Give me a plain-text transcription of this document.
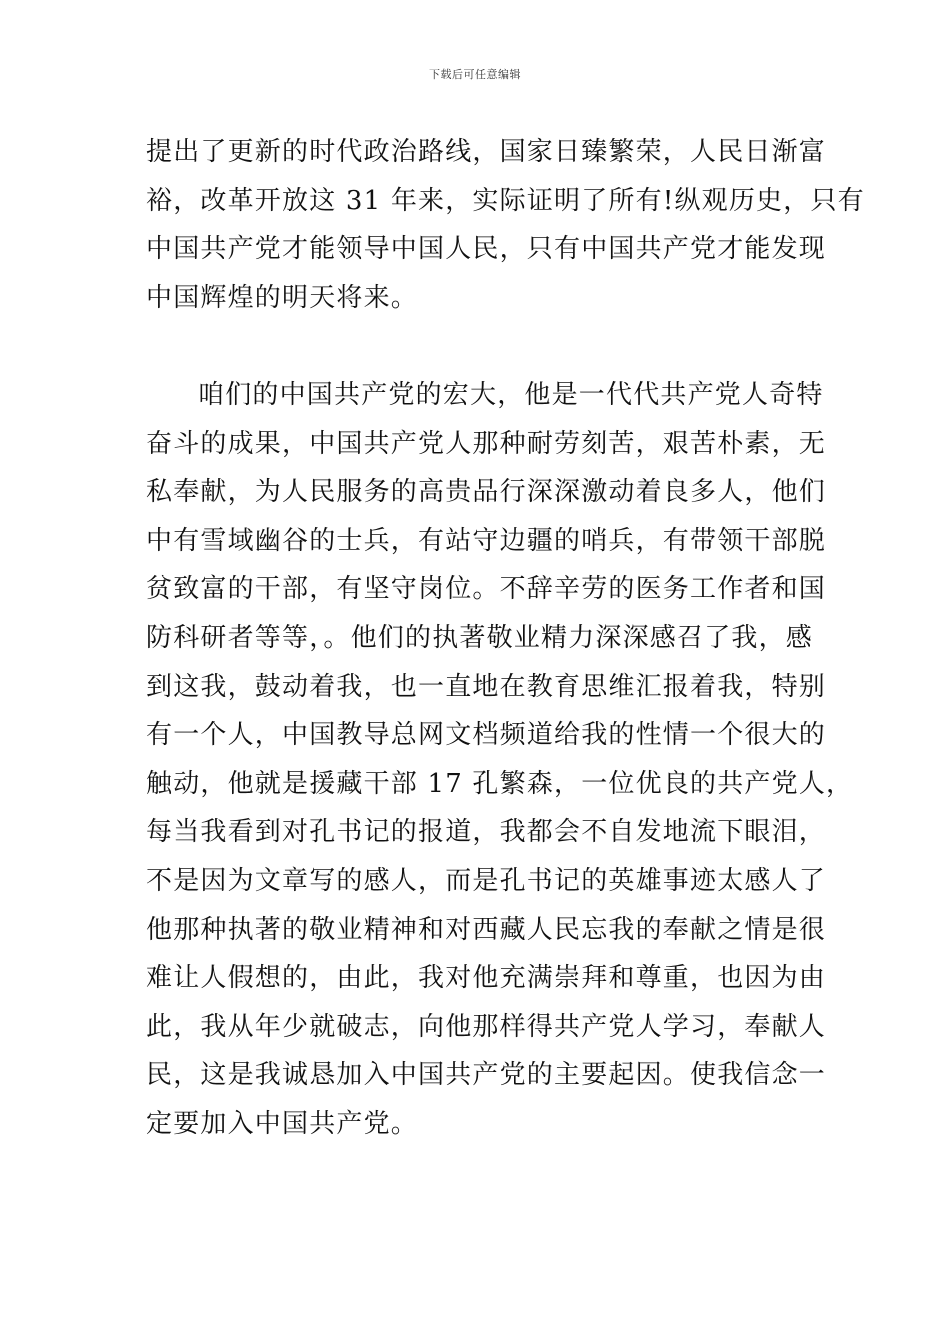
下载后可任意编辑
提出了更新的时代政治路线，国家日臻繁荣，人民日渐富
裕，改革开放这 31 年来，实际证明了所有!纵观历史，只有
中国共产党才能领导中国人民，只有中国共产党才能发现
中国辉煌的明天将来。
咱们的中国共产党的宏大，他是一代代共产党人奇特
奋斗的成果，中国共产党人那种耐劳刻苦，艰苦朴素，无
私奉献，为人民服务的高贵品行深深激动着良多人，他们
中有雪域幽谷的士兵，有站守边疆的哨兵，有带领干部脱
贫致富的干部，有坚守岗位。不辞辛劳的医务工作者和国
防科研者等等，。他们的执著敬业精力深深感召了我，感
到这我，鼓动着我，也一直地在教育思维汇报着我，特别
有一个人，中国教导总网文档频道给我的性情一个很大的
触动，他就是援藏干部 17 孔繁森，一位优良的共产党人，
每当我看到对孔书记的报道，我都会不自发地流下眼泪，
不是因为文章写的感人，而是孔书记的英雄事迹太感人了
他那种执著的敬业精神和对西藏人民忘我的奉献之情是很
难让人假想的，由此，我对他充满崇拜和尊重，也因为由
此，我从年少就破志，向他那样得共产党人学习，奉献人
民，这是我诚恳加入中国共产党的主要起因。使我信念一
定要加入中国共产党。
